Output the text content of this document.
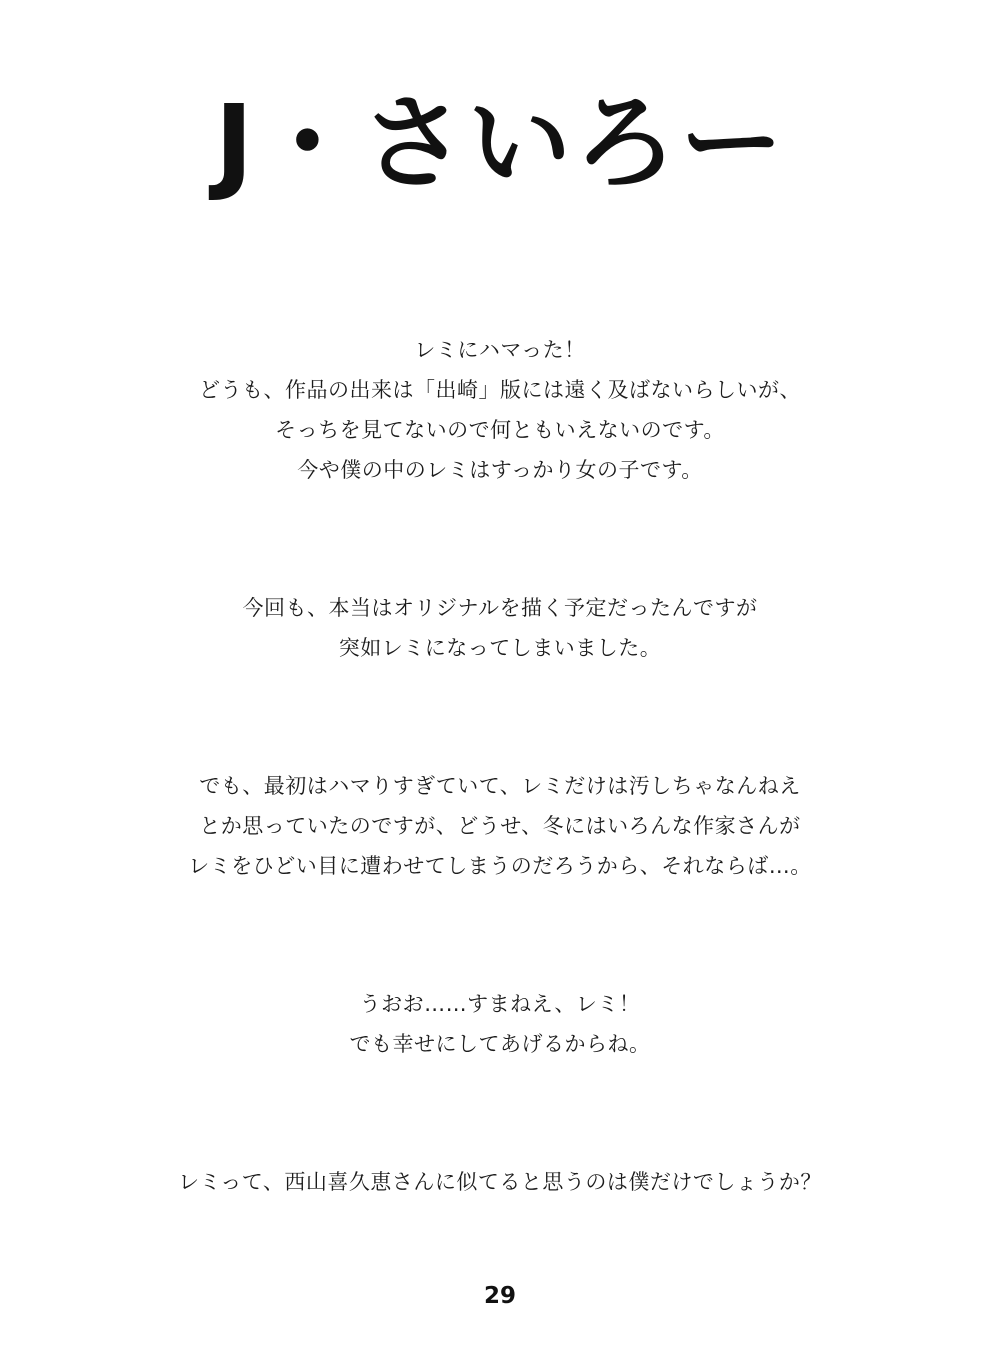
J・さいろー
レミにハマった！
どうも、作品の出来は「出崎」版には遠く及ばないらしいが、
そっちを見てないので何ともいえないのです。
今や僕の中のレミはすっかり女の子です。
今回も、本当はオリジナルを描く予定だったんですが
突如レミになってしまいました。
でも、最初はハマりすぎていて、レミだけは汚しちゃなんねえ
とか思っていたのですが、どうせ、冬にはいろんな作家さんが
レミをひどい目に遭わせてしまうのだろうから、それならば…。
うおお……すまねえ、レミ！
でも幸せにしてあげるからね。
レミって、西山喜久恵さんに似てると思うのは僕だけでしょうか？
29
